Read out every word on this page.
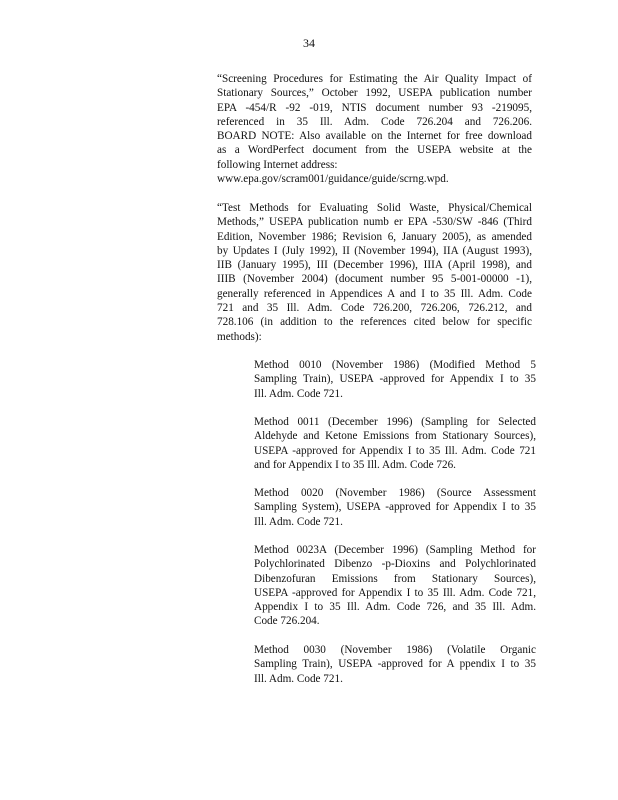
34
“Screening Procedures for Estimating the Air Quality Impact of
Stationary Sources,” October 1992, USEPA publication number
EPA -454/R -92 -019, NTIS document number 93 -219095,
referenced in 35 Ill. Adm. Code 726.204 and 726.206.
BOARD NOTE: Also available on the Internet for free download
as a WordPerfect document from the USEPA website at the
following Internet address:
www.epa.gov/scram001/guidance/guide/scrng.wpd.
“Test Methods for Evaluating Solid Waste, Physical/Chemical
Methods,” USEPA publication numb er EPA -530/SW -846 (Third
Edition, November 1986; Revision 6, January 2005), as amended
by Updates I (July 1992), II (November 1994), IIA (August 1993),
IIB (January 1995), III (December 1996), IIIA (April 1998), and
IIIB (November 2004) (document number 95 5-001-00000 -1),
generally referenced in Appendices A and I to 35 Ill. Adm. Code
721 and 35 Ill. Adm. Code 726.200, 726.206, 726.212, and
728.106 (in addition to the references cited below for specific
methods):
Method 0010 (November 1986) (Modified Method 5
Sampling Train), USEPA -approved for Appendix I to 35
Ill. Adm. Code 721.
Method 0011 (December 1996) (Sampling for Selected
Aldehyde and Ketone Emissions from Stationary Sources),
USEPA -approved for Appendix I to 35 Ill. Adm. Code 721
and for Appendix I to 35 Ill. Adm. Code 726.
Method 0020 (November 1986) (Source Assessment
Sampling System), USEPA -approved for Appendix I to 35
Ill. Adm. Code 721.
Method 0023A (December 1996) (Sampling Method for
Polychlorinated Dibenzo -p-Dioxins and Polychlorinated
Dibenzofuran Emissions from Stationary Sources),
USEPA -approved for Appendix I to 35 Ill. Adm. Code 721,
Appendix I to 35 Ill. Adm. Code 726, and 35 Ill. Adm.
Code 726.204.
Method 0030 (November 1986) (Volatile Organic
Sampling Train), USEPA -approved for A ppendix I to 35
Ill. Adm. Code 721.
